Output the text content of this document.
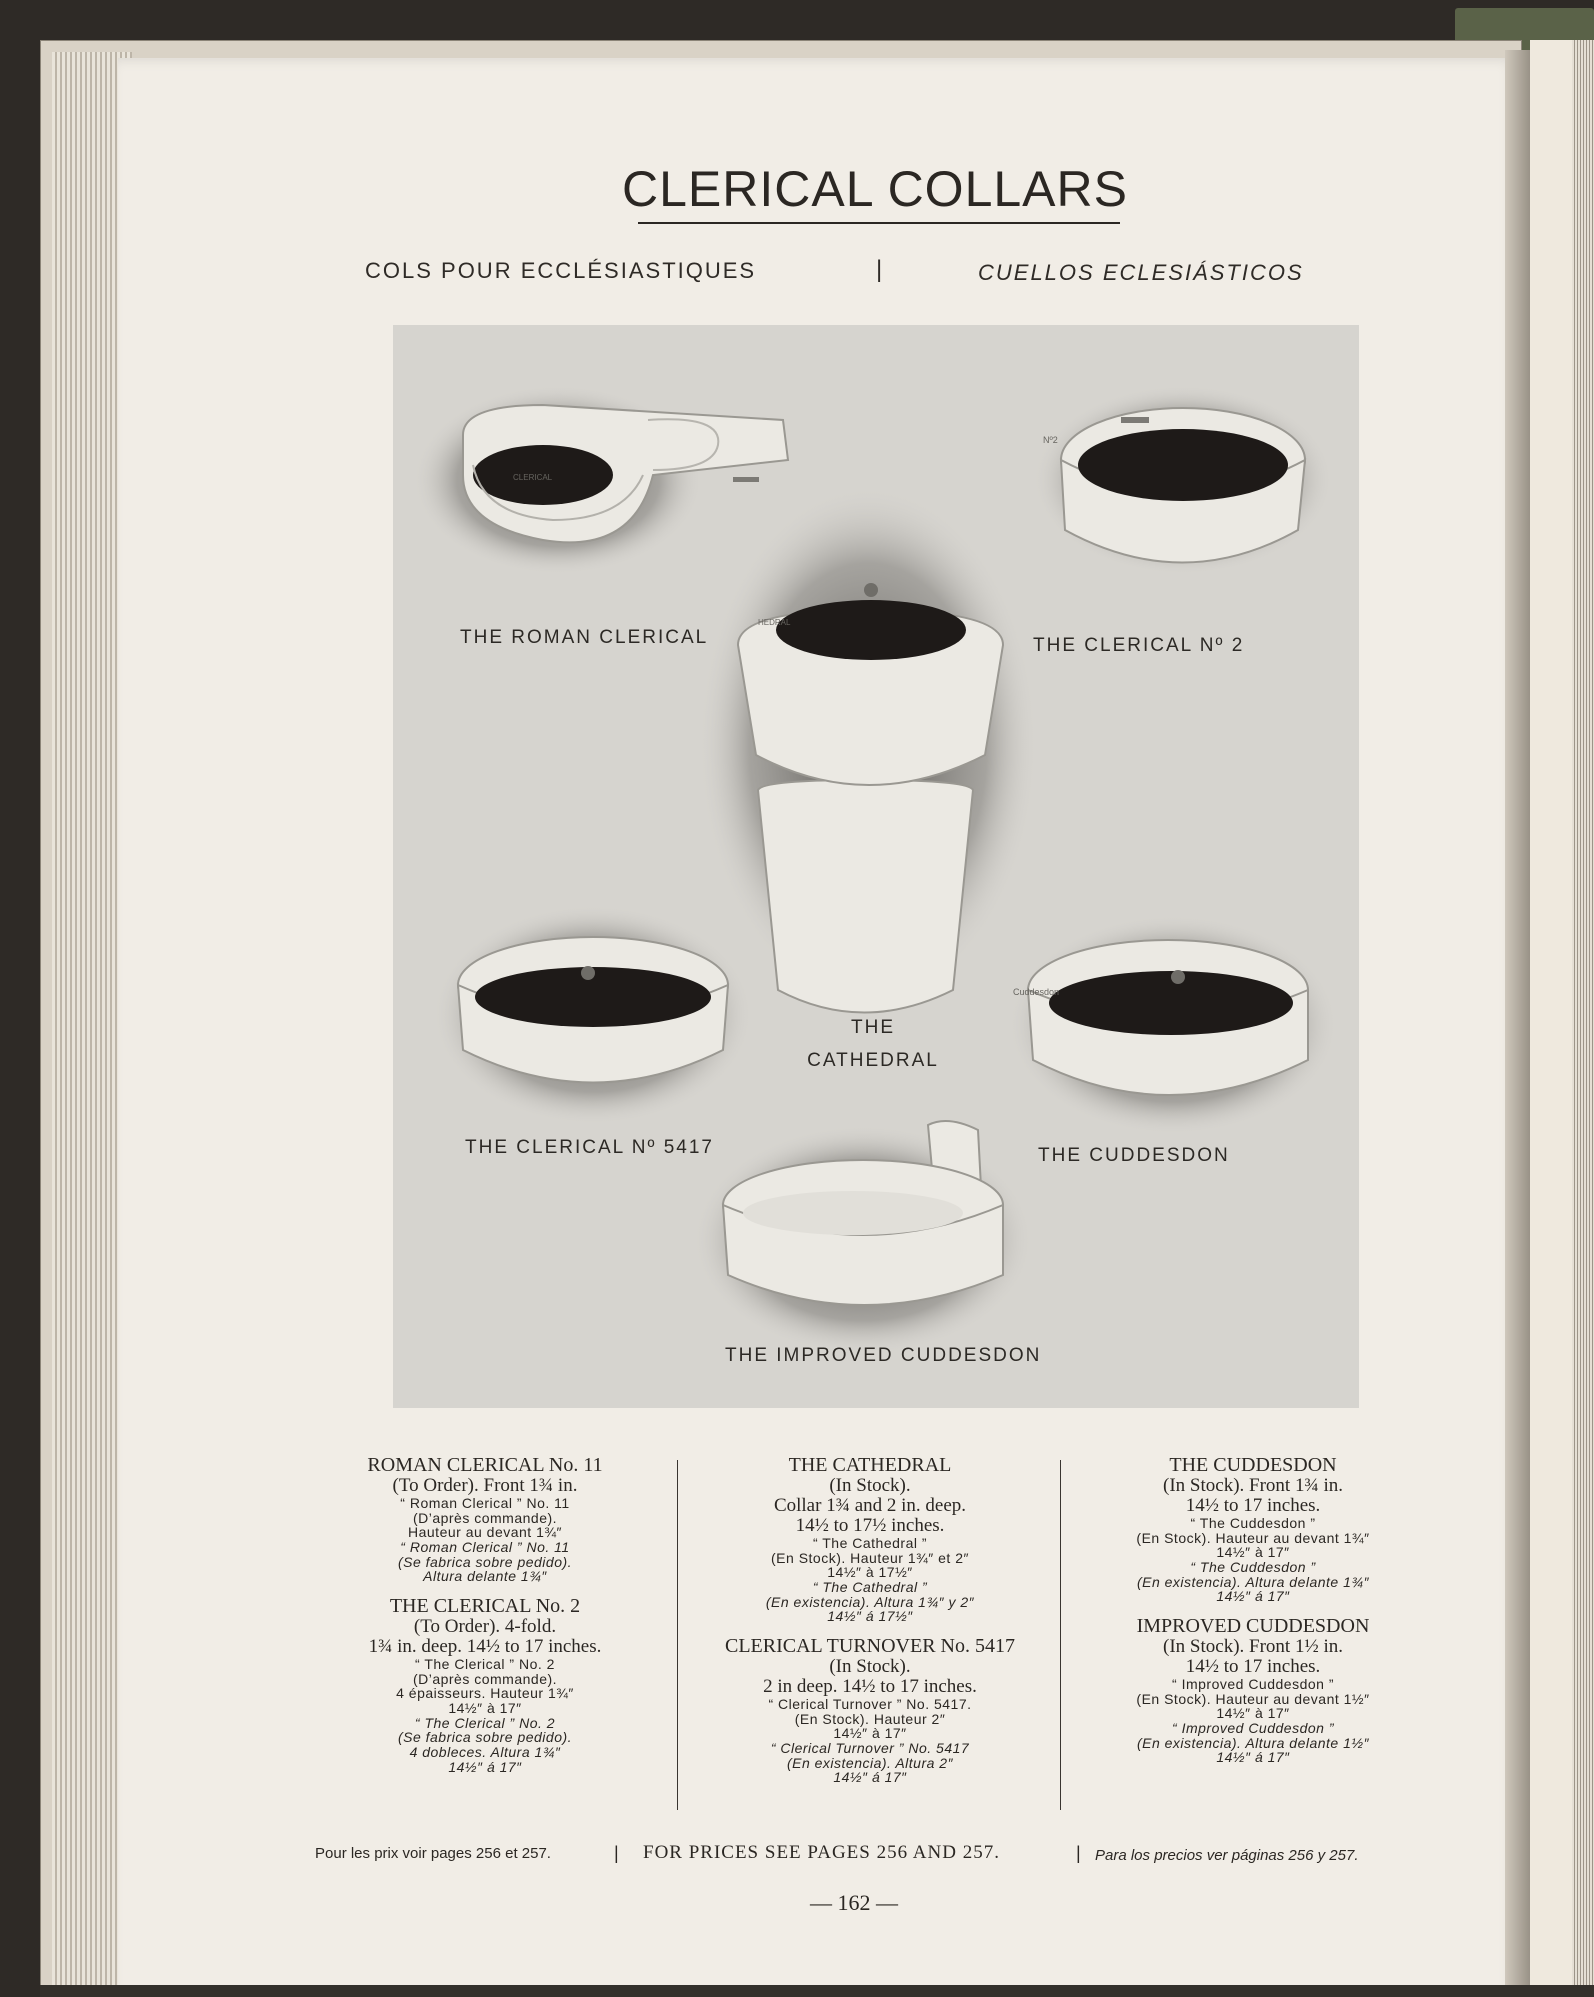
CLERICAL COLLARS
COLS POUR ECCLÉSIASTIQUES	|	CUELLOS ECLESIÁSTICOS
CLERICAL
Nº2
HEDRAL
Cuddesdon
THE ROMAN CLERICAL	THE CLERICAL Nº 2
THE
CATHEDRAL
THE CLERICAL Nº 5417	THE CUDDESDON
THE IMPROVED CUDDESDON
ROMAN CLERICAL No. 11
(To Order). Front 1¾ in.
“ Roman Clerical ” No. 11
(D’après commande).
Hauteur au devant 1¾″
“ Roman Clerical ” No. 11
(Se fabrica sobre pedido).
Altura delante 1¾″
THE CLERICAL No. 2
(To Order). 4-fold.
1¾ in. deep. 14½ to 17 inches.
“ The Clerical ” No. 2
(D’après commande).
4 épaisseurs. Hauteur 1¾″
14½″ à 17″
“ The Clerical ” No. 2
(Se fabrica sobre pedido).
4 dobleces. Altura 1¾″
14½″ á 17″
THE CATHEDRAL
(In Stock).
Collar 1¾ and 2 in. deep.
14½ to 17½ inches.
“ The Cathedral ”
(En Stock). Hauteur 1¾″ et 2″
14½″ à 17½″
“ The Cathedral ”
(En existencia). Altura 1¾″ y 2″
14½″ á 17½″
CLERICAL TURNOVER No. 5417
(In Stock).
2 in deep. 14½ to 17 inches.
“ Clerical Turnover ” No. 5417.
(En Stock). Hauteur 2″
14½″ à 17″
“ Clerical Turnover ” No. 5417
(En existencia). Altura 2″
14½″ á 17″
THE CUDDESDON
(In Stock). Front 1¾ in.
14½ to 17 inches.
“ The Cuddesdon ”
(En Stock). Hauteur au devant 1¾″
14½″ à 17″
“ The Cuddesdon ”
(En existencia). Altura delante 1¾″
14½″ á 17″
IMPROVED CUDDESDON
(In Stock). Front 1½ in.
14½ to 17 inches.
“ Improved Cuddesdon ”
(En Stock). Hauteur au devant 1½″
14½″ à 17″
“ Improved Cuddesdon ”
(En existencia). Altura delante 1½″
14½″ á 17″
Pour les prix voir pages 256 et 257.	| FOR PRICES SEE PAGES 256 AND 257.	| Para los precios ver páginas 256 y 257.
— 162 —
